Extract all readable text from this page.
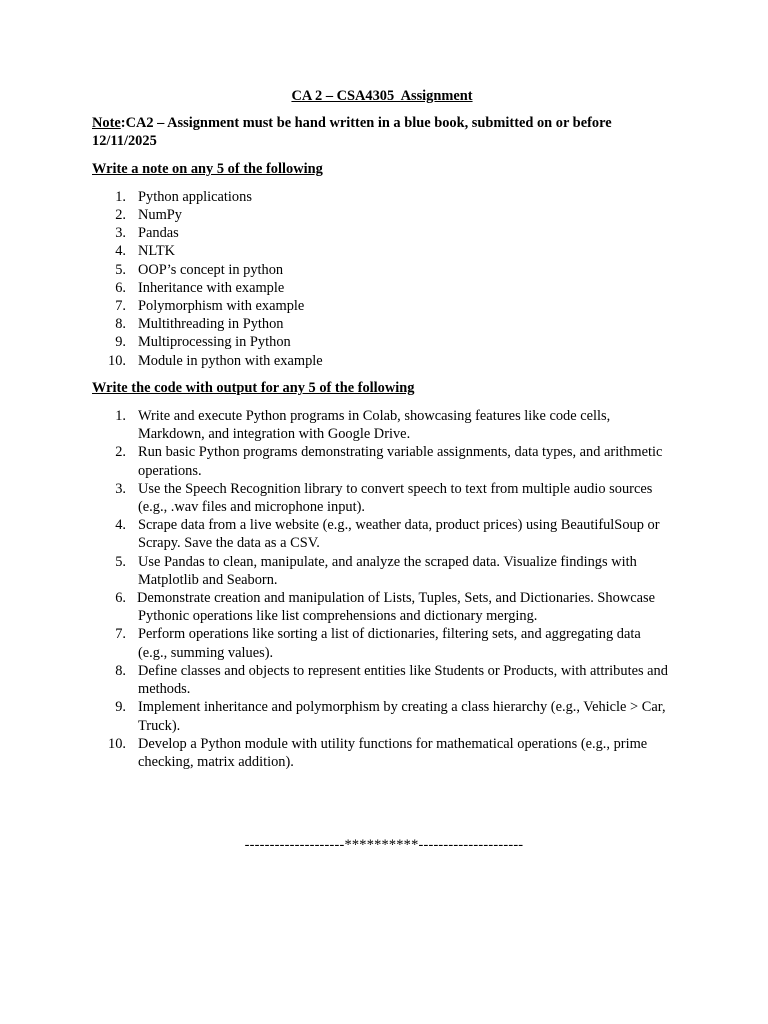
CA 2 – CSA4305  Assignment
Note:CA2 – Assignment must be hand written in a blue book, submitted on or before 12/11/2025
Write a note on any 5 of the following
1. Python applications
2. NumPy
3. Pandas
4. NLTK
5. OOP’s concept in python
6. Inheritance with example
7. Polymorphism with example
8. Multithreading in Python
9. Multiprocessing in Python
10. Module in python with example
Write the code with output for any 5 of the following
1. Write and execute Python programs in Colab, showcasing features like code cells, Markdown, and integration with Google Drive.
2. Run basic Python programs demonstrating variable assignments, data types, and arithmetic operations.
3. Use the Speech Recognition library to convert speech to text from multiple audio sources (e.g., .wav files and microphone input).
4. Scrape data from a live website (e.g., weather data, product prices) using BeautifulSoup or Scrapy. Save the data as a CSV.
5. Use Pandas to clean, manipulate, and analyze the scraped data. Visualize findings with Matplotlib and Seaborn.
6. Demonstrate creation and manipulation of Lists, Tuples, Sets, and Dictionaries. Showcase Pythonic operations like list comprehensions and dictionary merging.
7. Perform operations like sorting a list of dictionaries, filtering sets, and aggregating data (e.g., summing values).
8. Define classes and objects to represent entities like Students or Products, with attributes and methods.
9. Implement inheritance and polymorphism by creating a class hierarchy (e.g., Vehicle > Car, Truck).
10. Develop a Python module with utility functions for mathematical operations (e.g., prime checking, matrix addition).
--------------------**********---------------------
